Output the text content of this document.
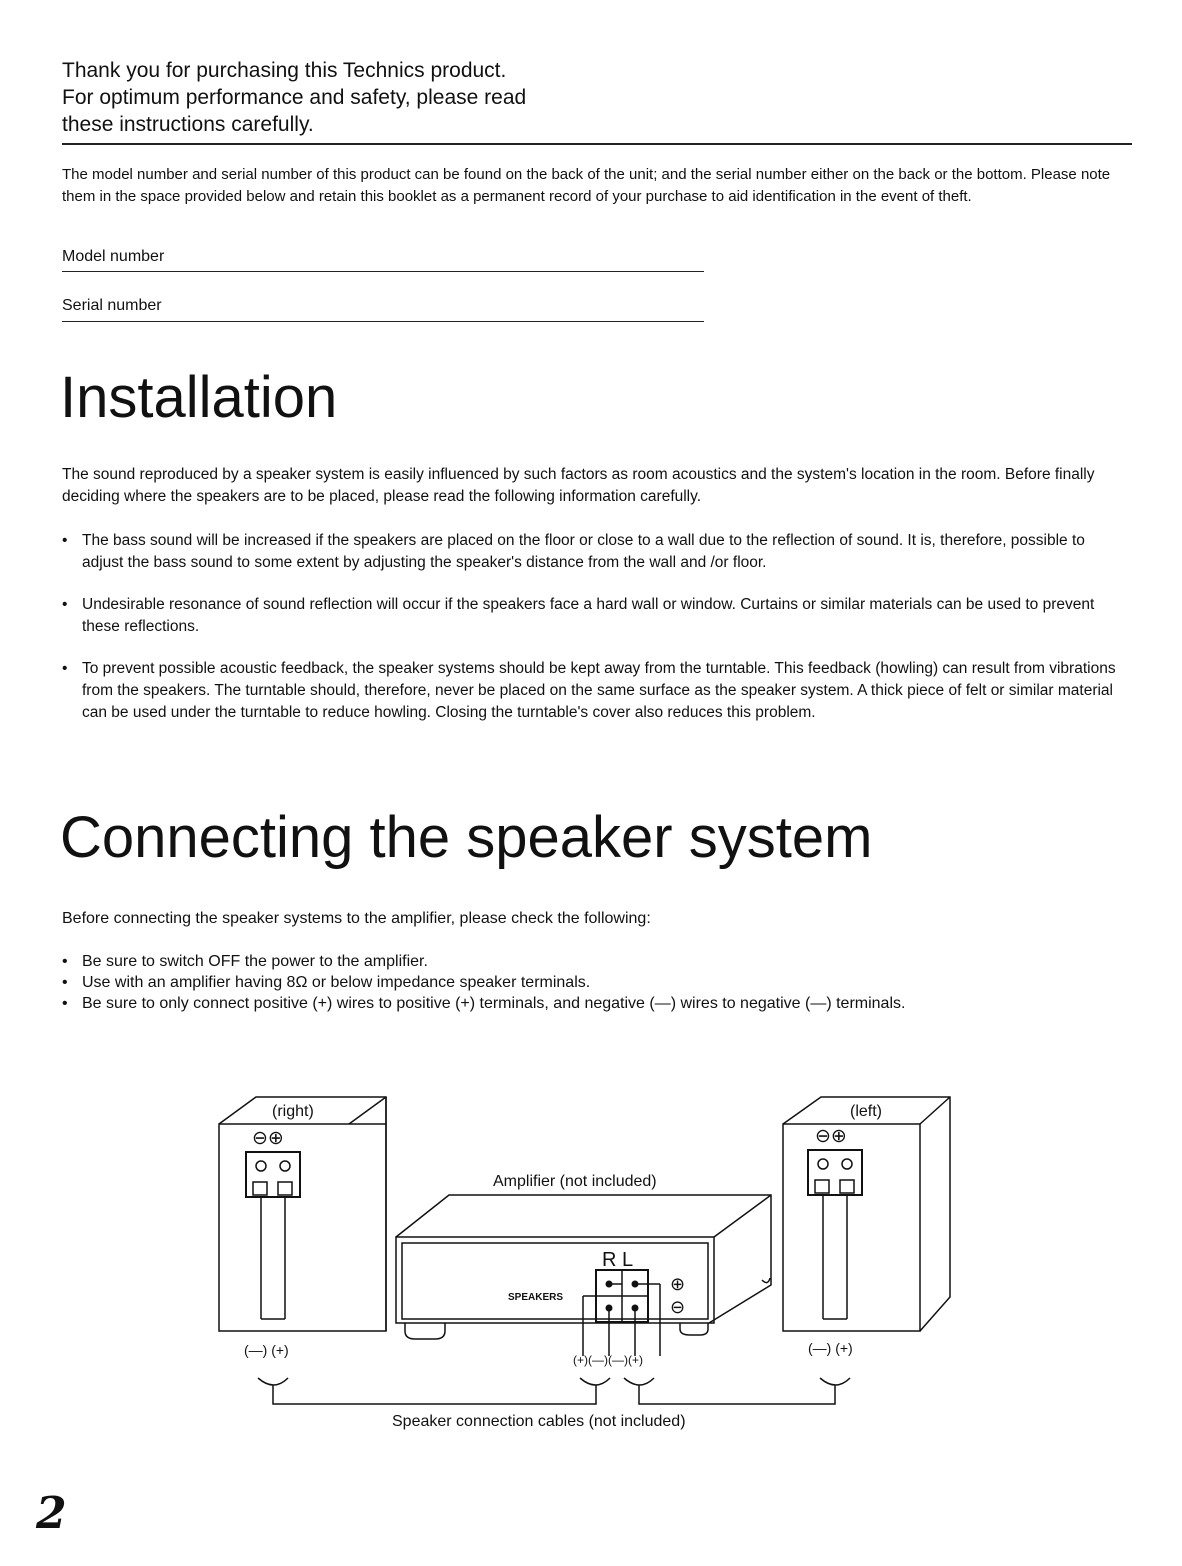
Thank you for purchasing this Technics product.
For optimum performance and safety, please read
these instructions carefully.
The model number and serial number of this product can be found on the back of the unit; and the serial number either on the back or the bottom. Please note them in the space provided below and retain this booklet as a permanent record of your purchase to aid identification in the event of theft.
Model number
Serial number
Installation
The sound reproduced by a speaker system is easily influenced by such factors as room acoustics and the system's location in the room. Before finally deciding where the speakers are to be placed, please read the following information carefully.
• The bass sound will be increased if the speakers are placed on the floor or close to a wall due to the reflection of sound. It is, therefore, possible to adjust the bass sound to some extent by adjusting the speaker's distance from the wall and /or floor.
• Undesirable resonance of sound reflection will occur if the speakers face a hard wall or window. Curtains or similar materials can be used to prevent these reflections.
• To prevent possible acoustic feedback, the speaker systems should be kept away from the turntable. This feedback (howling) can result from vibrations from the speakers. The turntable should, therefore, never be placed on the same surface as the speaker system. A thick piece of felt or similar material can be used under the turntable to reduce howling. Closing the turntable's cover also reduces this problem.
Connecting the speaker system
Before connecting the speaker systems to the amplifier, please check the following:
• Be sure to switch OFF the power to the amplifier.
• Use with an amplifier having 8Ω or below impedance speaker terminals.
• Be sure to only connect positive (+) wires to positive (+) terminals, and negative (—) wires to negative (—) terminals.
(right)	(left)
⊖⊕	⊖⊕
Amplifier (not included)
R L
SPEAKERS
⊕
⊖
(—) (+)	(—) (+)
(+)(—)(—)(+)
Speaker connection cables (not included)
2
